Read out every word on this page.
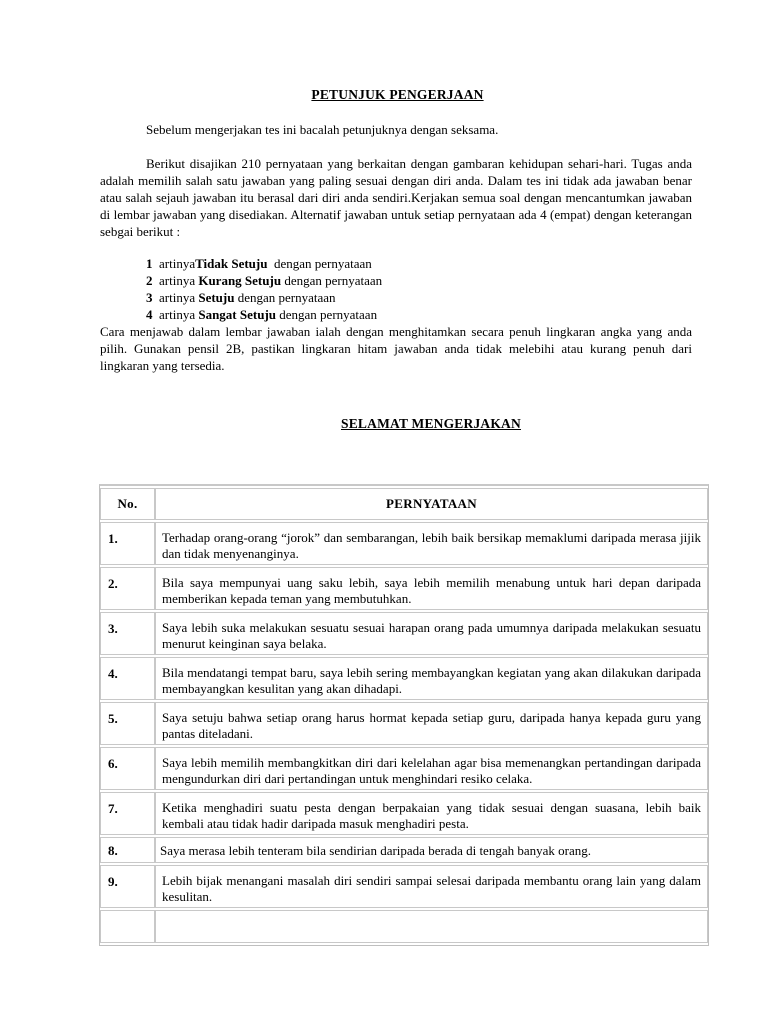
PETUNJUK PENGERJAAN
Sebelum mengerjakan tes ini bacalah petunjuknya dengan seksama.
Berikut disajikan 210 pernyataan yang berkaitan dengan gambaran kehidupan sehari-hari. Tugas anda adalah memilih salah satu jawaban yang paling sesuai dengan diri anda. Dalam tes ini tidak ada jawaban benar atau salah sejauh jawaban itu berasal dari diri anda sendiri.Kerjakan semua soal dengan mencantumkan jawaban di lembar jawaban yang disediakan. Alternatif jawaban untuk setiap pernyataan ada 4 (empat) dengan keterangan sebgai berikut :
1 artinyaTidak Setuju dengan pernyataan
2 artinya Kurang Setuju dengan pernyataan
3 artinya Setuju dengan pernyataan
4 artinya Sangat Setuju dengan pernyataan
Cara menjawab dalam lembar jawaban ialah dengan menghitamkan secara penuh lingkaran angka yang anda pilih. Gunakan pensil 2B, pastikan lingkaran hitam jawaban anda tidak melebihi atau kurang penuh dari lingkaran yang tersedia.
SELAMAT MENGERJAKAN
No.	PERNYATAAN
1.	Terhadap orang-orang “jorok” dan sembarangan, lebih baik bersikap memaklumi daripada merasa jijik dan tidak menyenanginya.
2.	Bila saya mempunyai uang saku lebih, saya lebih memilih menabung untuk hari depan daripada memberikan kepada teman yang membutuhkan.
3.	Saya lebih suka melakukan sesuatu sesuai harapan orang pada umumnya daripada melakukan sesuatu menurut keinginan saya belaka.
4.	Bila mendatangi tempat baru, saya lebih sering membayangkan kegiatan yang akan dilakukan daripada membayangkan kesulitan yang akan dihadapi.
5.	Saya setuju bahwa setiap orang harus hormat kepada setiap guru, daripada hanya kepada guru yang pantas diteladani.
6.	Saya lebih memilih membangkitkan diri dari kelelahan agar bisa memenangkan pertandingan daripada mengundurkan diri dari pertandingan untuk menghindari resiko celaka.
7.	Ketika menghadiri suatu pesta dengan berpakaian yang tidak sesuai dengan suasana, lebih baik kembali atau tidak hadir daripada masuk menghadiri pesta.
8.	Saya merasa lebih tenteram bila sendirian daripada berada di tengah banyak orang.
9.	Lebih bijak menangani masalah diri sendiri sampai selesai daripada membantu orang lain yang dalam kesulitan.
